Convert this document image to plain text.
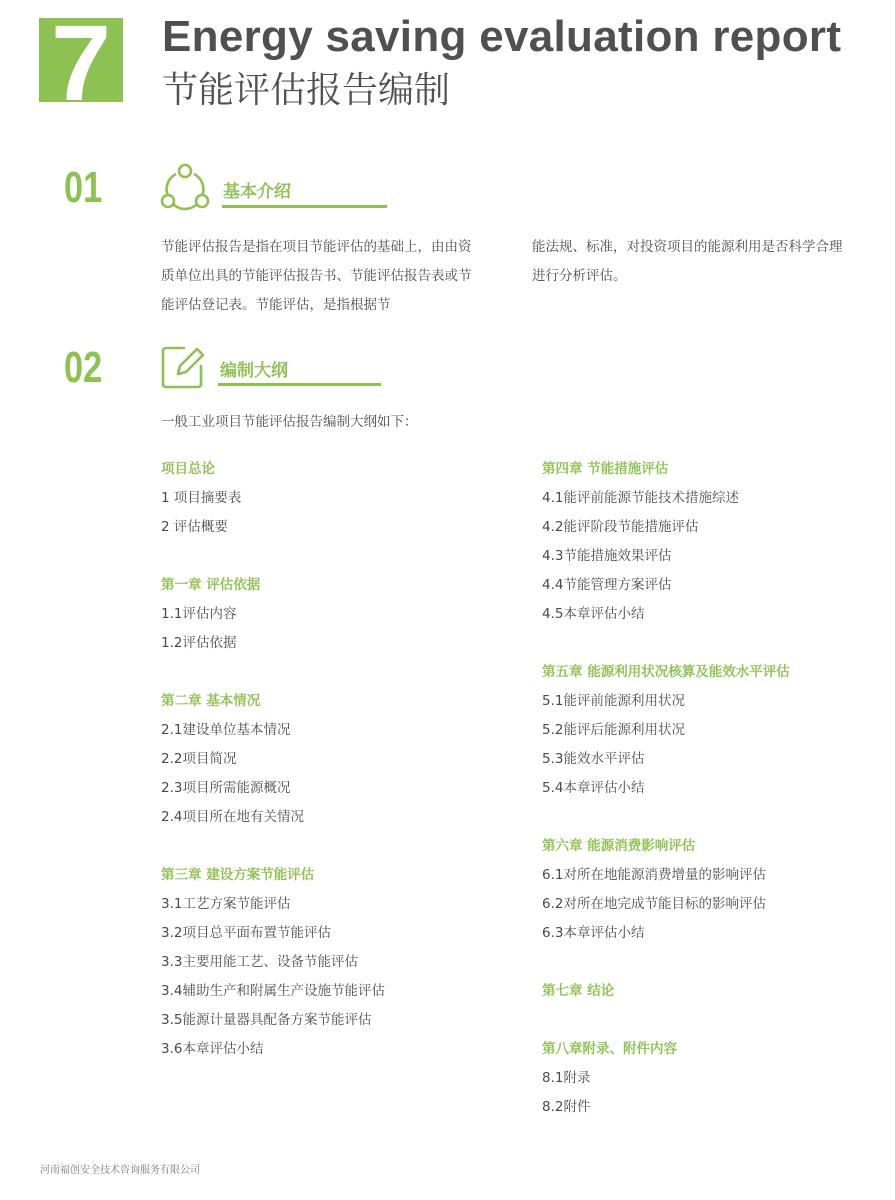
7 Energy saving evaluation report
节能评估报告编制
01	基本介绍
节能评估报告是指在项目节能评估的基础上，由由资质单位出具的节能评估报告书、节能评估报告表或节能评估登记表。节能评估，是指根据节
能法规、标准，对投资项目的能源利用是否科学合理进行分析评估。
02	编制大纲
一般工业项目节能评估报告编制大纲如下：
项目总论
1 项目摘要表
2 评估概要
第一章 评估依据
1.1评估内容
1.2评估依据
第二章 基本情况
2.1建设单位基本情况
2.2项目简况
2.3项目所需能源概况
2.4项目所在地有关情况
第三章 建设方案节能评估
3.1工艺方案节能评估
3.2项目总平面布置节能评估
3.3主要用能工艺、设备节能评估
3.4辅助生产和附属生产设施节能评估
3.5能源计量器具配备方案节能评估
3.6本章评估小结
第四章 节能措施评估
4.1能评前能源节能技术措施综述
4.2能评阶段节能措施评估
4.3节能措施效果评估
4.4节能管理方案评估
4.5本章评估小结
第五章 能源利用状况核算及能效水平评估
5.1能评前能源利用状况
5.2能评后能源利用状况
5.3能效水平评估
5.4本章评估小结
第六章 能源消费影响评估
6.1对所在地能源消费增量的影响评估
6.2对所在地完成节能目标的影响评估
6.3本章评估小结
第七章 结论
第八章附录、附件内容
8.1附录
8.2附件
河南福创安全技术咨询服务有限公司
